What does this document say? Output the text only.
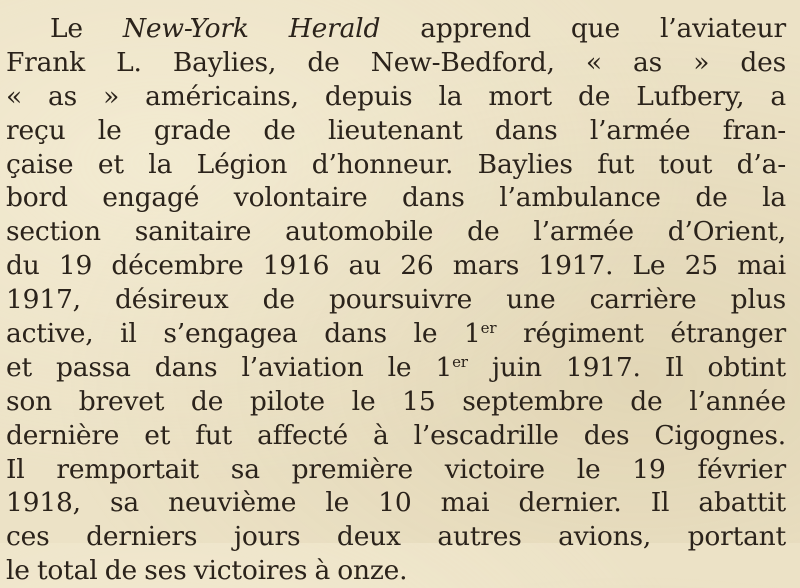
Le New-York Herald apprend que l’aviateur
Frank L. Baylies, de New-Bedford, « as » des
« as » américains, depuis la mort de Lufbery, a
reçu le grade de lieutenant dans l’armée fran-
çaise et la Légion d’honneur. Baylies fut tout d’a-
bord engagé volontaire dans l’ambulance de la
section sanitaire automobile de l’armée d’Orient,
du 19 décembre 1916 au 26 mars 1917. Le 25 mai
1917, désireux de poursuivre une carrière plus
active, il s’engagea dans le 1er régiment étranger
et passa dans l’aviation le 1er juin 1917. Il obtint
son brevet de pilote le 15 septembre de l’année
dernière et fut affecté à l’escadrille des Cigognes.
Il remportait sa première victoire le 19 février
1918, sa neuvième le 10 mai dernier. Il abattit
ces derniers jours deux autres avions, portant
le total de ses victoires à onze.
